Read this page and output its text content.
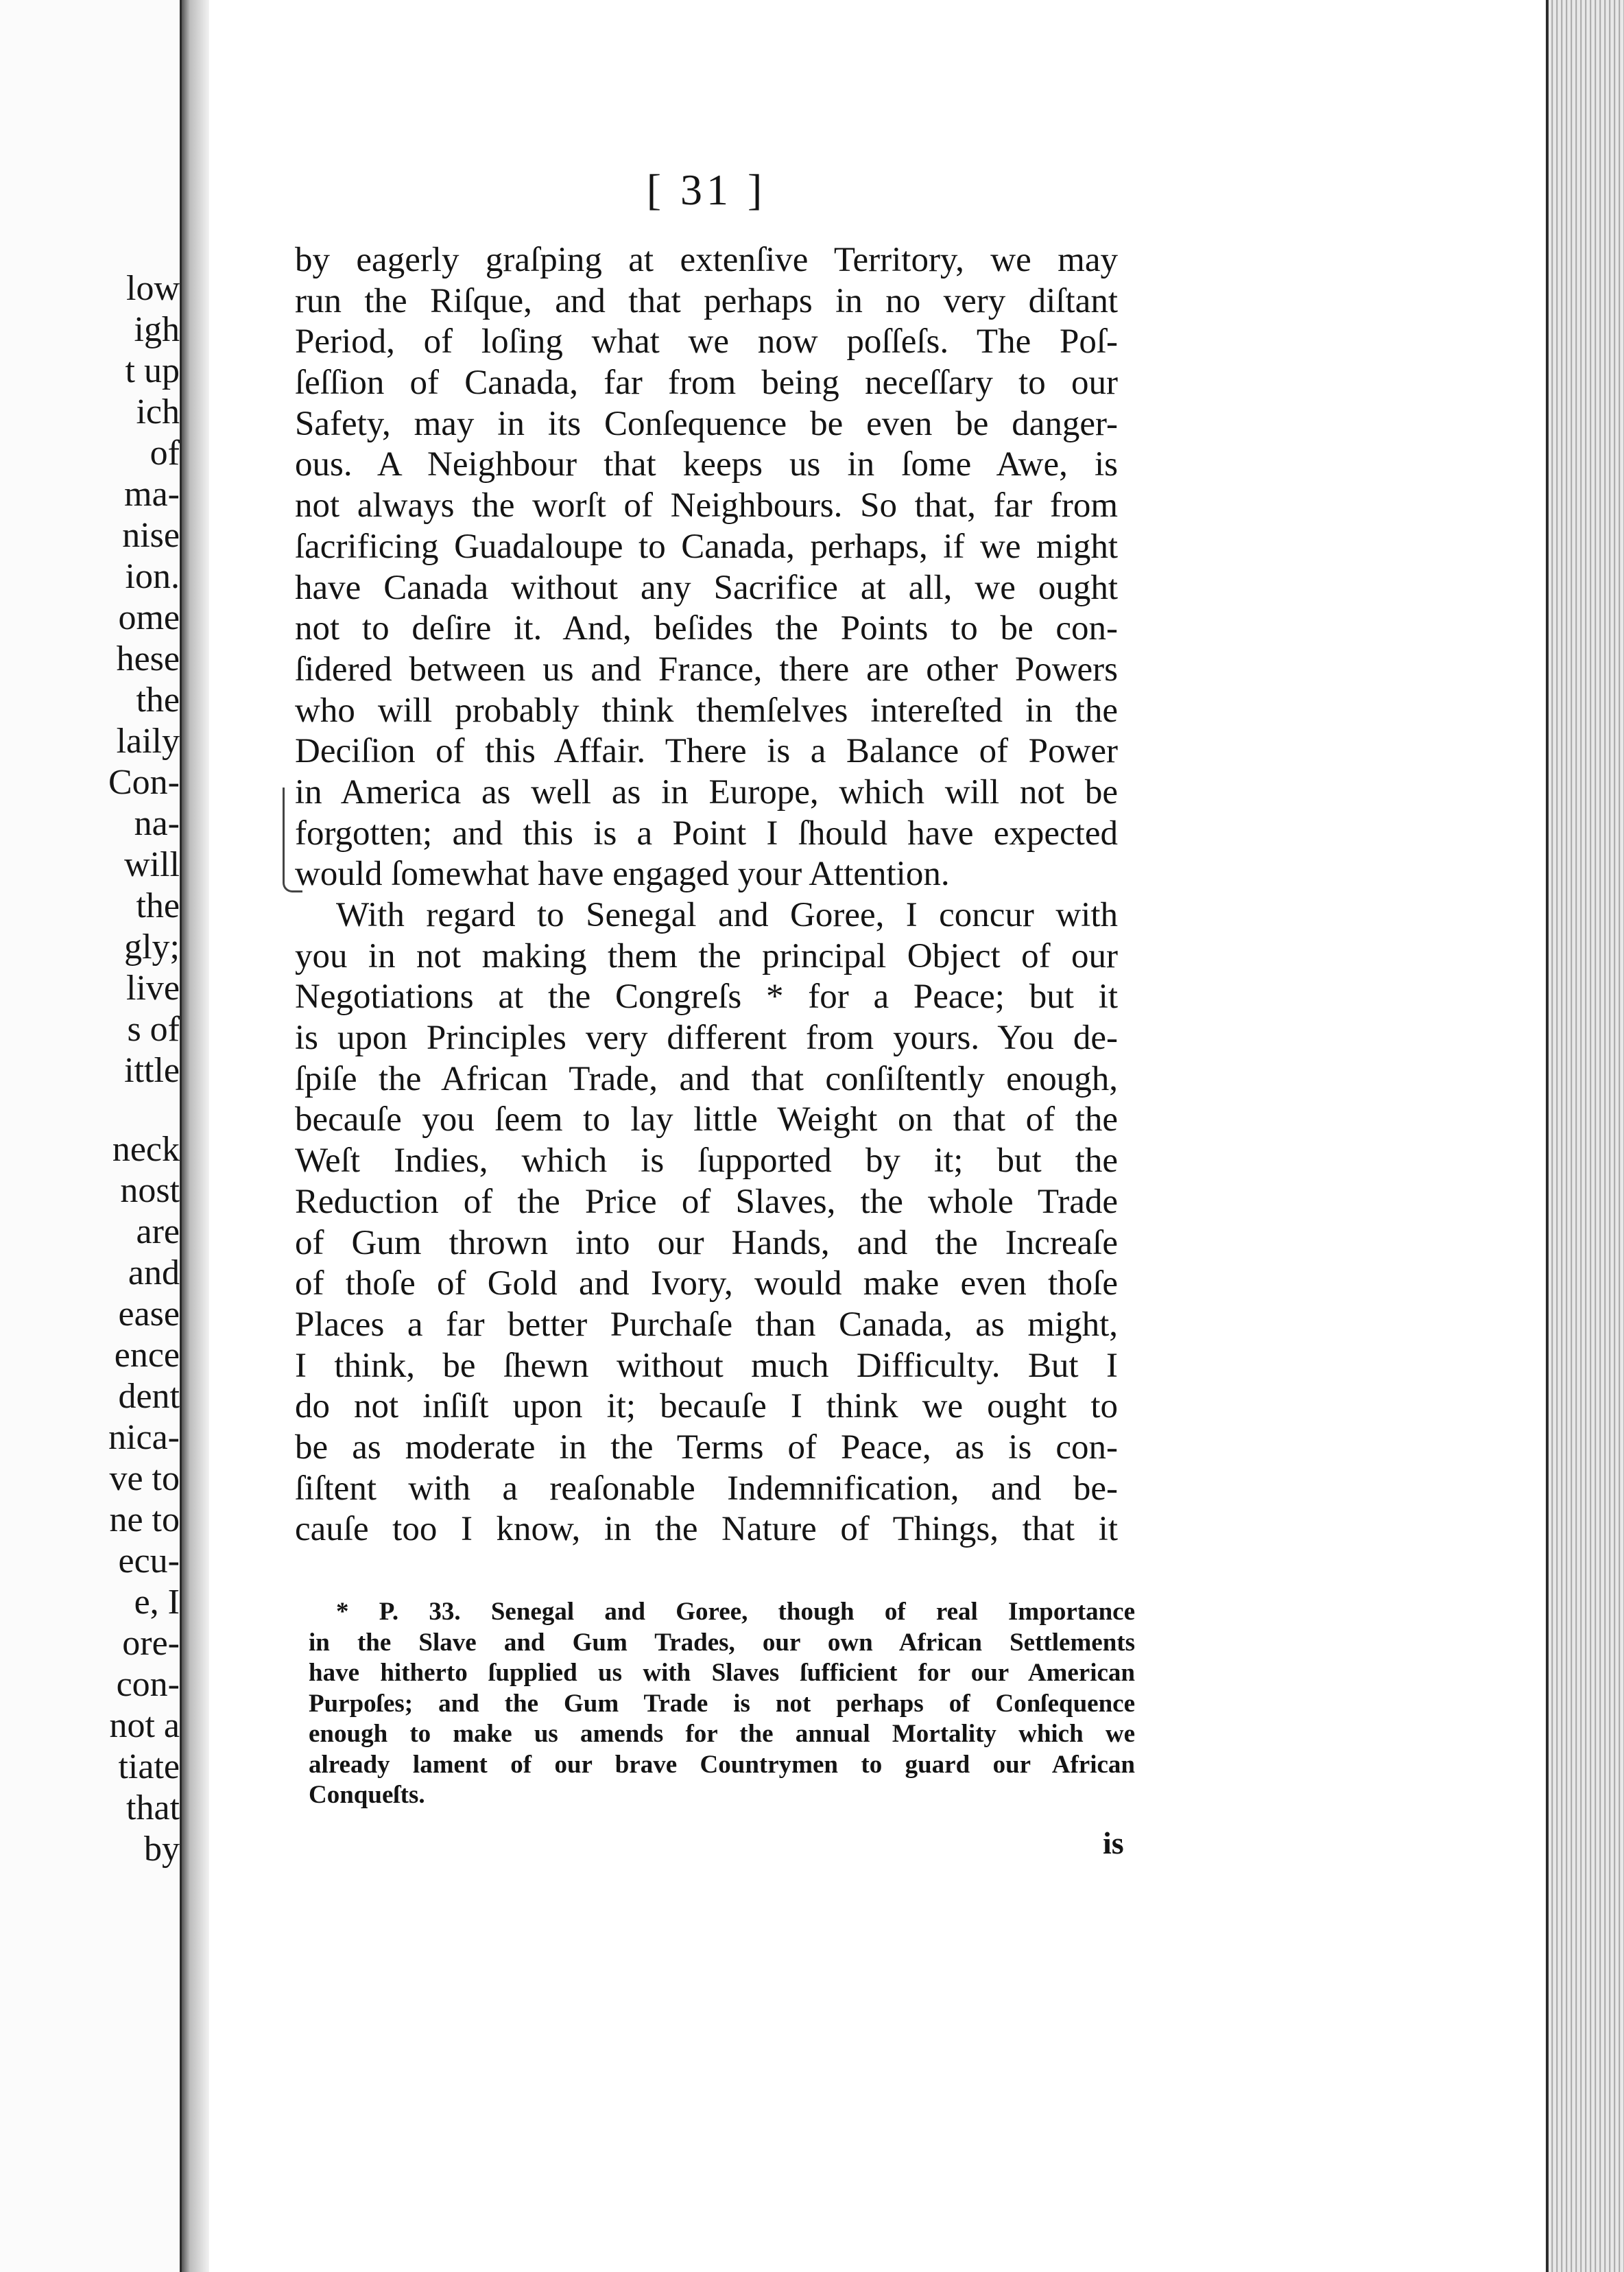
low
igh
t up
ich
of
ma-
nise
ion.
ome
hese
the
laily
Con-
na-
will
the
gly;
live
s of
ittle
neck
nost
are
and
ease
ence
dent
nica-
ve to
ne to
ecu-
e, I
ore-
con-
not a
tiate
that
by
[ 31 ]
by eagerly graſping at extenſive Territory, we may
run the Riſque, and that perhaps in no very diſtant
Period, of loſing what we now poſſeſs. The Poſ-
ſeſſion of Canada, far from being neceſſary to our
Safety, may in its Conſequence be even be danger-
ous. A Neighbour that keeps us in ſome Awe, is
not always the worſt of Neighbours. So that, far from
ſacrificing Guadaloupe to Canada, perhaps, if we might
have Canada without any Sacrifice at all, we ought
not to deſire it. And, beſides the Points to be con-
ſidered between us and France, there are other Powers
who will probably think themſelves intereſted in the
Deciſion of this Affair. There is a Balance of Power
in America as well as in Europe, which will not be
forgotten; and this is a Point I ſhould have expected
would ſomewhat have engaged your Attention.
With regard to Senegal and Goree, I concur with
you in not making them the principal Object of our
Negotiations at the Congreſs * for a Peace; but it
is upon Principles very different from yours. You de-
ſpiſe the African Trade, and that conſiſtently enough,
becauſe you ſeem to lay little Weight on that of the
Weſt Indies, which is ſupported by it; but the
Reduction of the Price of Slaves, the whole Trade
of Gum thrown into our Hands, and the Increaſe
of thoſe of Gold and Ivory, would make even thoſe
Places a far better Purchaſe than Canada, as might,
I think, be ſhewn without much Difficulty. But I
do not inſiſt upon it; becauſe I think we ought to
be as moderate in the Terms of Peace, as is con-
ſiſtent with a reaſonable Indemnification, and be-
cauſe too I know, in the Nature of Things, that it
* P. 33. Senegal and Goree, though of real Importance
in the Slave and Gum Trades, our own African Settlements
have hitherto ſupplied us with Slaves ſufficient for our American
Purpoſes; and the Gum Trade is not perhaps of Conſequence
enough to make us amends for the annual Mortality which we
already lament of our brave Countrymen to guard our African
Conqueſts.
is
